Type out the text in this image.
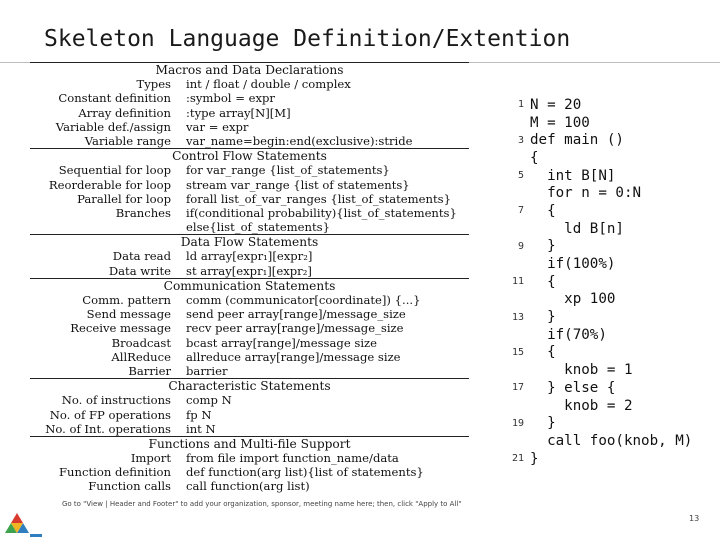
Skeleton Language Definition/Extention
Macros and Data Declarations
Types	int / float / double / complex
Constant definition	:symbol = expr
Array definition	:type array[N][M]
Variable def./assign	var = expr
Variable range	var_name=begin:end(exclusive):stride
Control Flow Statements
Sequential for loop	for var_range {list_of_statements}
Reorderable for loop	stream var_range {list of statements}
Parallel for loop	forall list_of_var_ranges {list_of_statements}
Branches	if(conditional probability){list_of_statements}
else{list_of_statements}
Data Flow Statements
Data read	ld array[expr₁][expr₂]
Data write	st array[expr₁][expr₂]
Communication Statements
Comm. pattern	comm (communicator[coordinate]) {...}
Send message	send peer array[range]/message_size
Receive message	recv peer array[range]/message_size
Broadcast	bcast array[range]/message size
AllReduce	allreduce array[range]/message size
Barrier	barrier
Characteristic Statements
No. of instructions	comp N
No. of FP operations	fp N
No. of Int. operations	int N
Functions and Multi-file Support
Import	from file import function_name/data
Function definition	def function(arg list){list of statements}
Function calls	call function(arg list)
1 N = 20
M = 100
3 def main ()
{
5 int B[N]
for n = 0:N
7 {
ld B[n]
9 }
if(100%)
11 {
xp 100
13 }
if(70%)
15 {
knob = 1
17 } else {
knob = 2
19 }
call foo(knob, M)
21 }
Go to "View | Header and Footer" to add your organization, sponsor, meeting name here; then, click "Apply to All"
13
